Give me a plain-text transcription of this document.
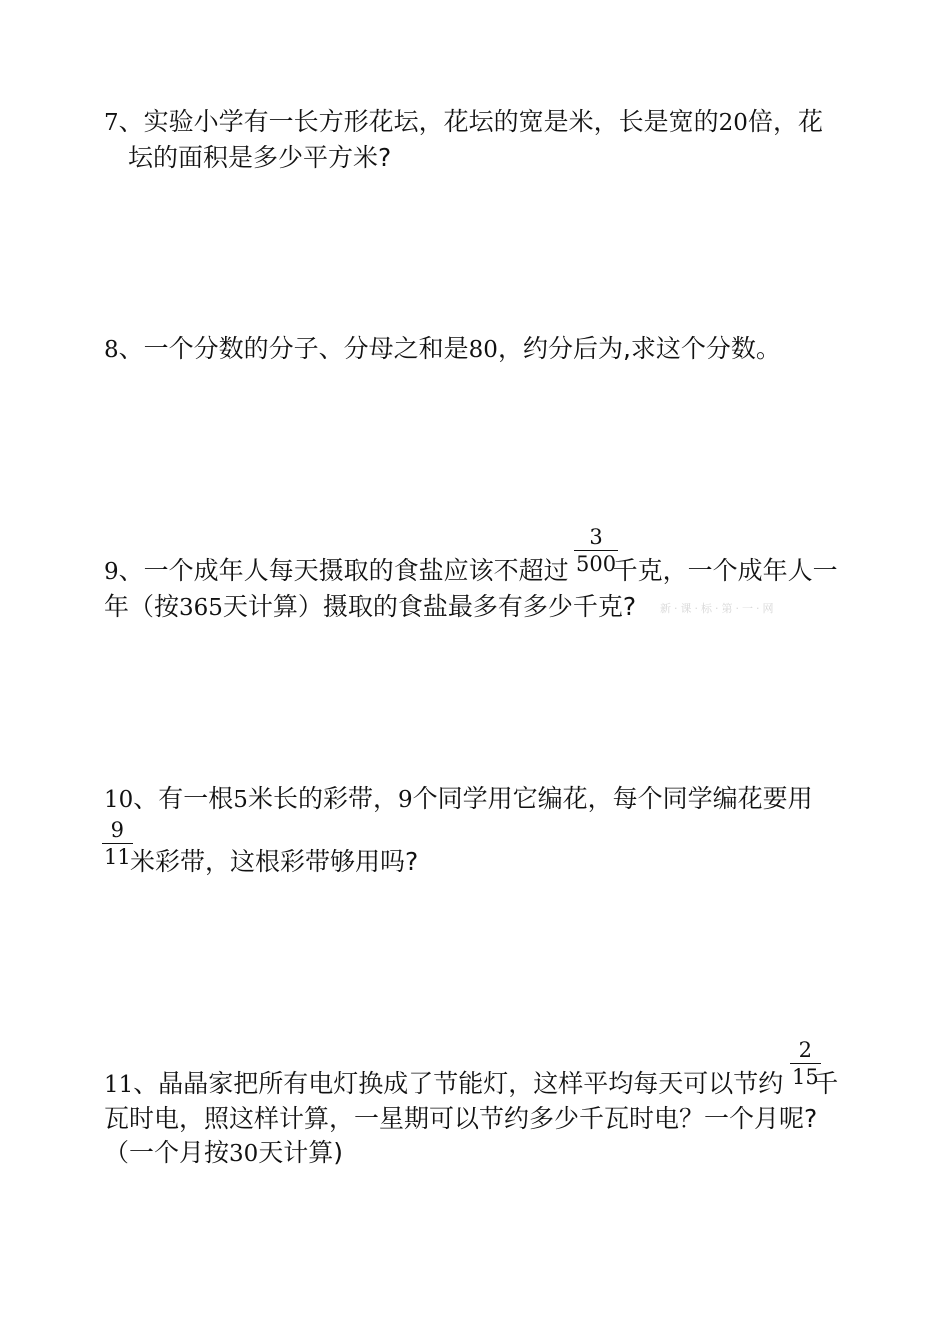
7、实验小学有一长方形花坛，花坛的宽是米，长是宽的20倍，花
坛的面积是多少平方米?
8、一个分数的分子、分母之和是80，约分后为,求这个分数。
3
500
9、一个成年人每天摄取的食盐应该不超过 千克，一个成年人一
年（按365天计算）摄取的食盐最多有多少千克? 新·课·标·第·一·网
10、有一根5米长的彩带，9个同学用它编花，每个同学编花要用
9
11 米彩带，这根彩带够用吗?
2
15
11、晶晶家把所有电灯换成了节能灯，这样平均每天可以节约 千
瓦时电，照这样计算，一星期可以节约多少千瓦时电？一个月呢?
（一个月按30天计算)
